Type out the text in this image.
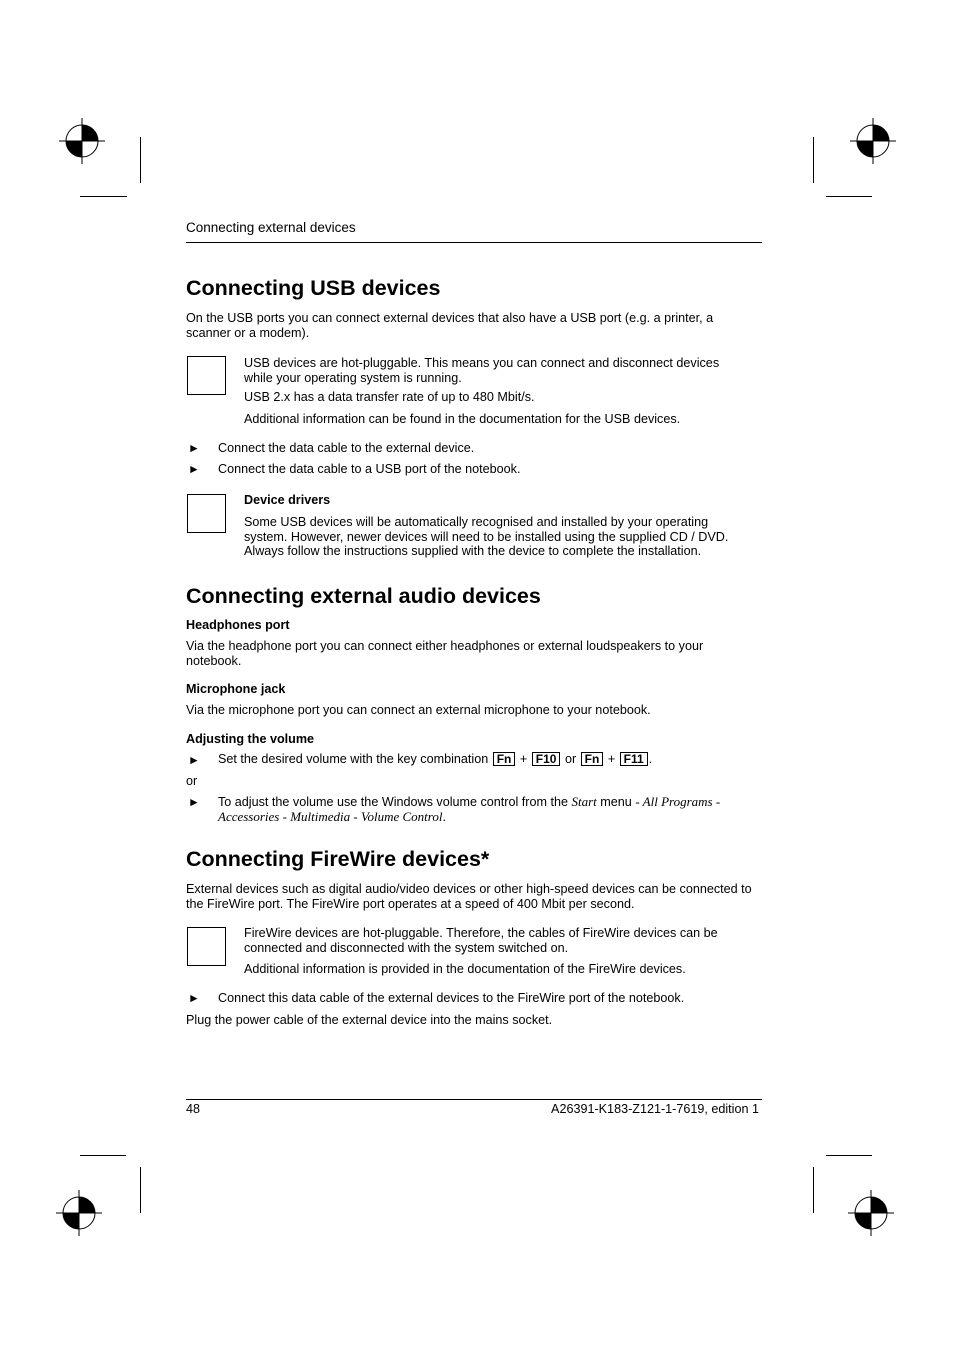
Connecting external devices
Connecting USB devices
On the USB ports you can connect external devices that also have a USB port (e.g. a printer, a scanner or a modem).
USB devices are hot-pluggable. This means you can connect and disconnect devices while your operating system is running.
USB 2.x has a data transfer rate of up to 480 Mbit/s.
Additional information can be found in the documentation for the USB devices.
► Connect the data cable to the external device.
► Connect the data cable to a USB port of the notebook.
Device drivers
Some USB devices will be automatically recognised and installed by your operating system. However, newer devices will need to be installed using the supplied CD / DVD. Always follow the instructions supplied with the device to complete the installation.
Connecting external audio devices
Headphones port
Via the headphone port you can connect either headphones or external loudspeakers to your notebook.
Microphone jack
Via the microphone port you can connect an external microphone to your notebook.
Adjusting the volume
► Set the desired volume with the key combination Fn + F10 or Fn + F11 .
or
► To adjust the volume use the Windows volume control from the Start menu - All Programs - Accessories - Multimedia - Volume Control.
Connecting FireWire devices*
External devices such as digital audio/video devices or other high-speed devices can be connected to the FireWire port. The FireWire port operates at a speed of 400 Mbit per second.
FireWire devices are hot-pluggable. Therefore, the cables of FireWire devices can be connected and disconnected with the system switched on.
Additional information is provided in the documentation of the FireWire devices.
► Connect this data cable of the external devices to the FireWire port of the notebook.
Plug the power cable of the external device into the mains socket.
48	A26391-K183-Z121-1-7619, edition 1
